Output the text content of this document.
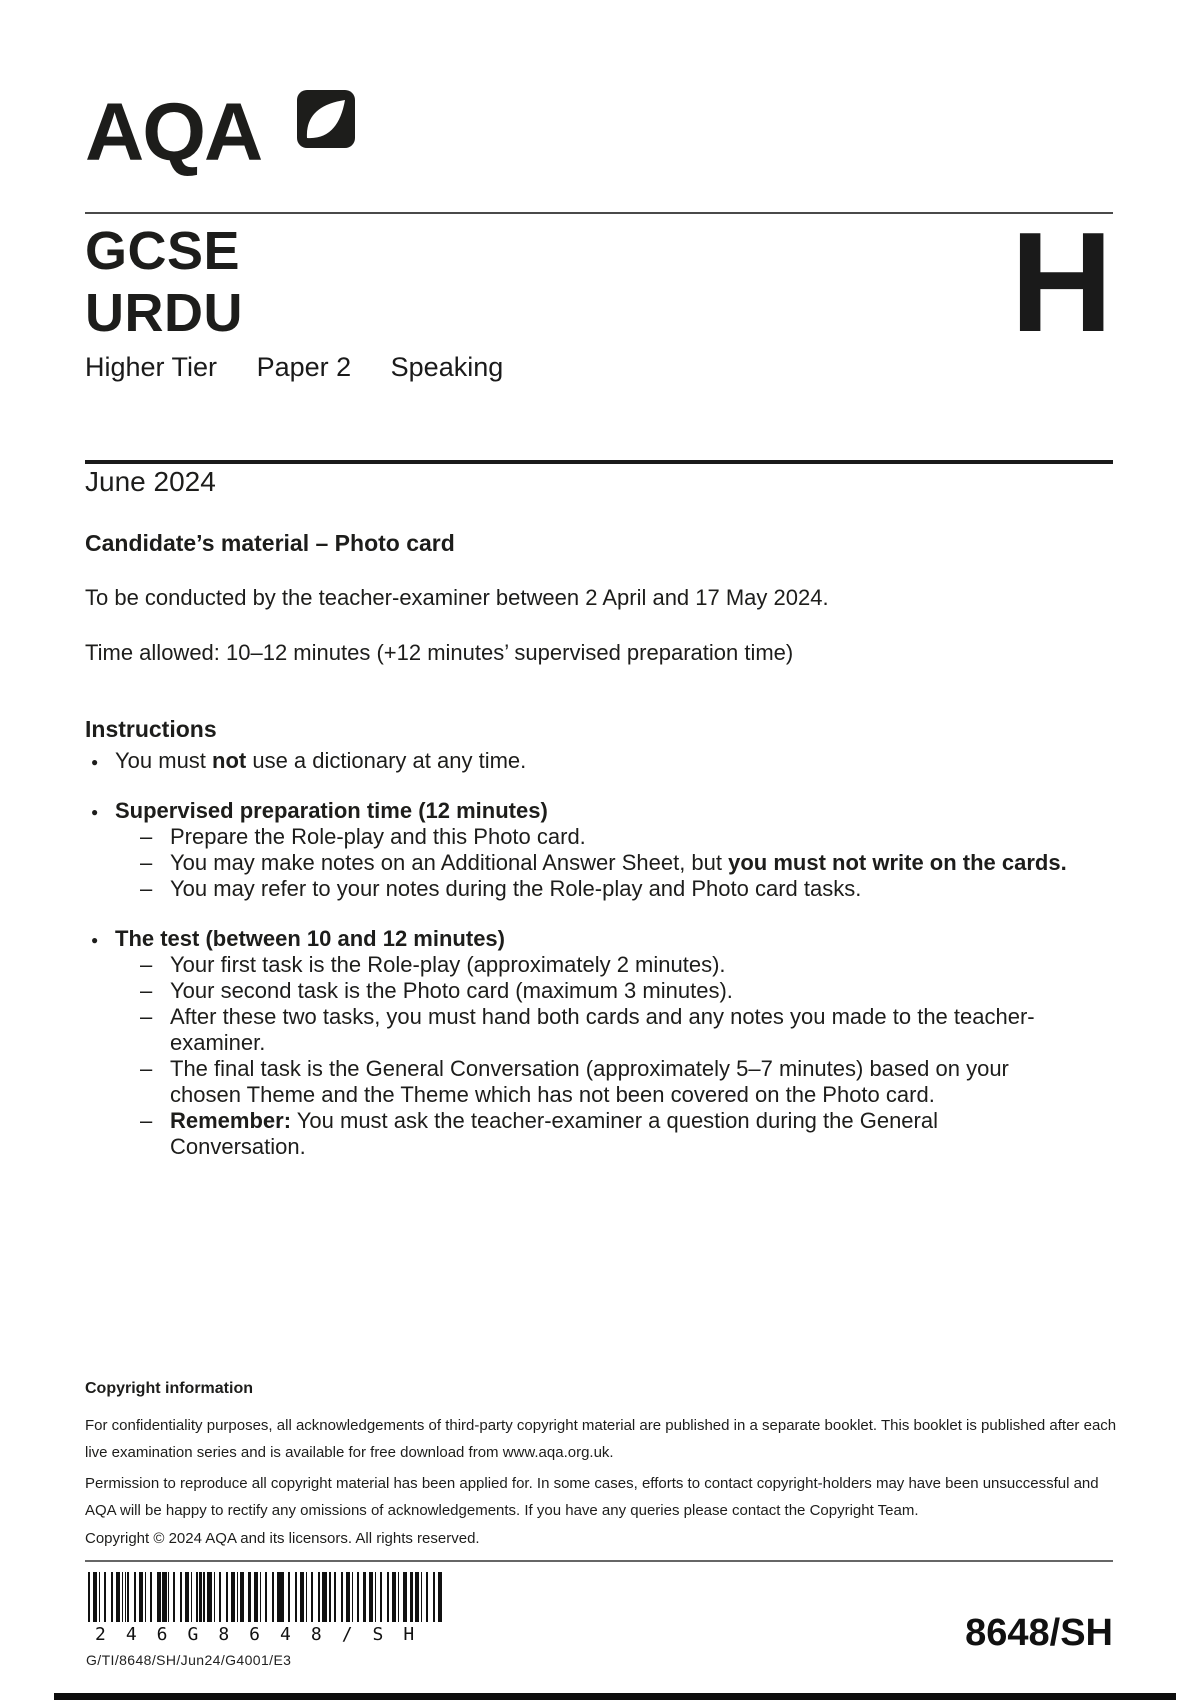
AQA
GCSE
URDU	H
Higher Tier Paper 2 Speaking
June 2024
Candidate’s material – Photo card
To be conducted by the teacher-examiner between 2 April and 17 May 2024.
Time allowed: 10–12 minutes (+12 minutes’ supervised preparation time)
Instructions
● You must not use a dictionary at any time.
● Supervised preparation time (12 minutes)
– Prepare the Role-play and this Photo card.
– You may make notes on an Additional Answer Sheet, but you must not write on the cards.
– You may refer to your notes during the Role-play and Photo card tasks.
● The test (between 10 and 12 minutes)
– Your first task is the Role-play (approximately 2 minutes).
– Your second task is the Photo card (maximum 3 minutes).
– After these two tasks, you must hand both cards and any notes you made to the teacher-examiner.
– The final task is the General Conversation (approximately 5–7 minutes) based on your chosen Theme and the Theme which has not been covered on the Photo card.
– Remember: You must ask the teacher-examiner a question during the General Conversation.
Copyright information
For confidentiality purposes, all acknowledgements of third-party copyright material are published in a separate booklet. This booklet is published after each live examination series and is available for free download from www.aqa.org.uk.
Permission to reproduce all copyright material has been applied for. In some cases, efforts to contact copyright-holders may have been unsuccessful and AQA will be happy to rectify any omissions of acknowledgements. If you have any queries please contact the Copyright Team.
Copyright © 2024 AQA and its licensors. All rights reserved.
246G8648/SH
G/TI/8648/SH/Jun24/G4001/E3
8648/SH
